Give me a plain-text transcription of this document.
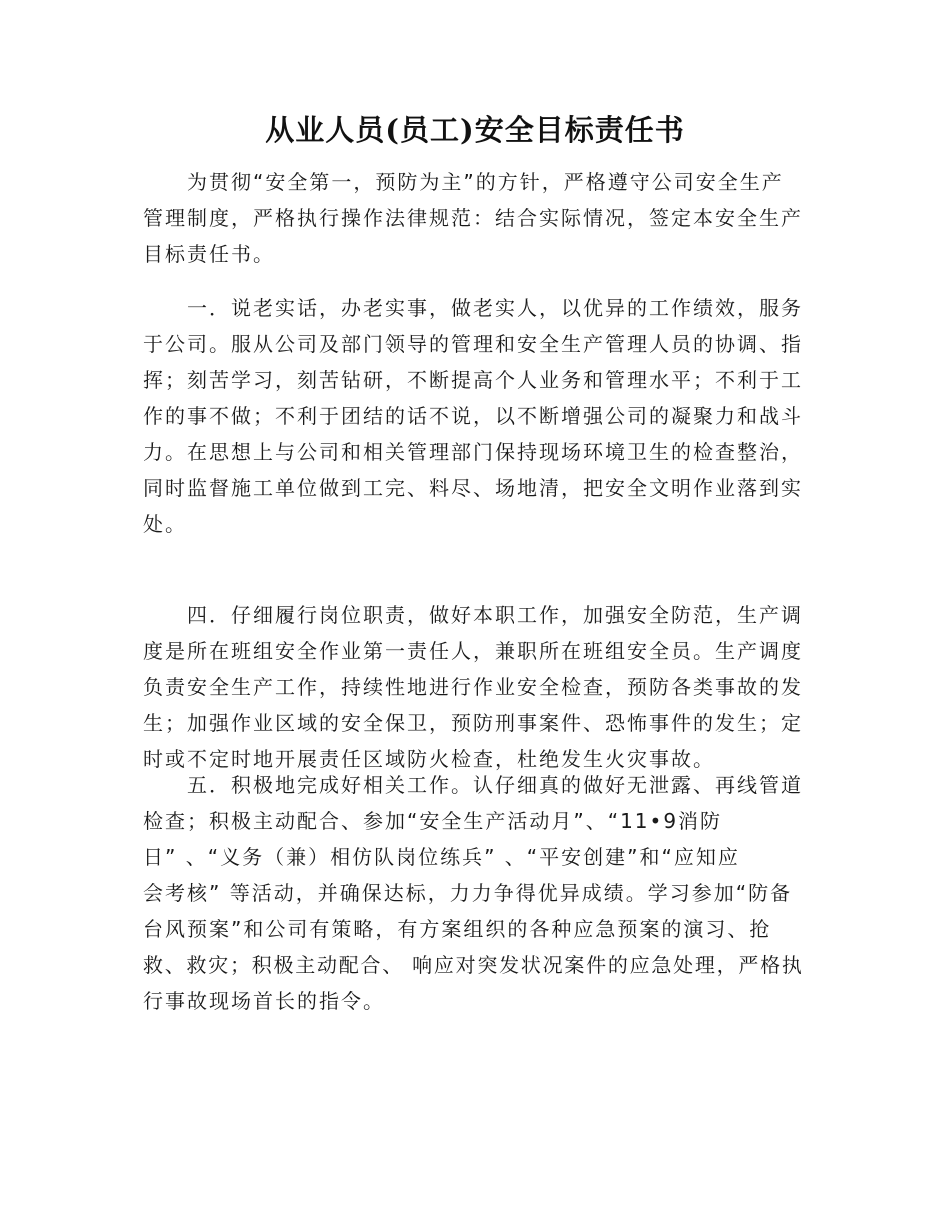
从业人员(员工)安全目标责任书
为贯彻“安全第一，预防为主”的方针，严格遵守公司安全生产
管理制度，严格执行操作法律规范：结合实际情况，签定本安全生产
目标责任书。
一．说老实话，办老实事，做老实人，以优异的工作绩效，服务
于公司。服从公司及部门领导的管理和安全生产管理人员的协调、指
挥；刻苦学习，刻苦钻研，不断提高个人业务和管理水平；不利于工
作的事不做；不利于团结的话不说，以不断增强公司的凝聚力和战斗
力。在思想上与公司和相关管理部门保持现场环境卫生的检查整治，
同时监督施工单位做到工完、料尽、场地清，把安全文明作业落到实
处。
四．仔细履行岗位职责，做好本职工作，加强安全防范，生产调
度是所在班组安全作业第一责任人，兼职所在班组安全员。生产调度
负责安全生产工作，持续性地进行作业安全检查，预防各类事故的发
生；加强作业区域的安全保卫，预防刑事案件、恐怖事件的发生；定
时或不定时地开展责任区域防火检查，杜绝发生火灾事故。
五．积极地完成好相关工作。认仔细真的做好无泄露、再线管道
检查；积极主动配合、参加“安全生产活动月”、“11•9消防
日” 、“义务（兼）相仿队岗位练兵” 、“平安创建”和“应知应
会考核” 等活动，并确保达标，力力争得优异成绩。学习参加“防备
台风预案”和公司有策略，有方案组织的各种应急预案的演习、抢
救、救灾；积极主动配合、 响应对突发状况案件的应急处理，严格执
行事故现场首长的指令。
